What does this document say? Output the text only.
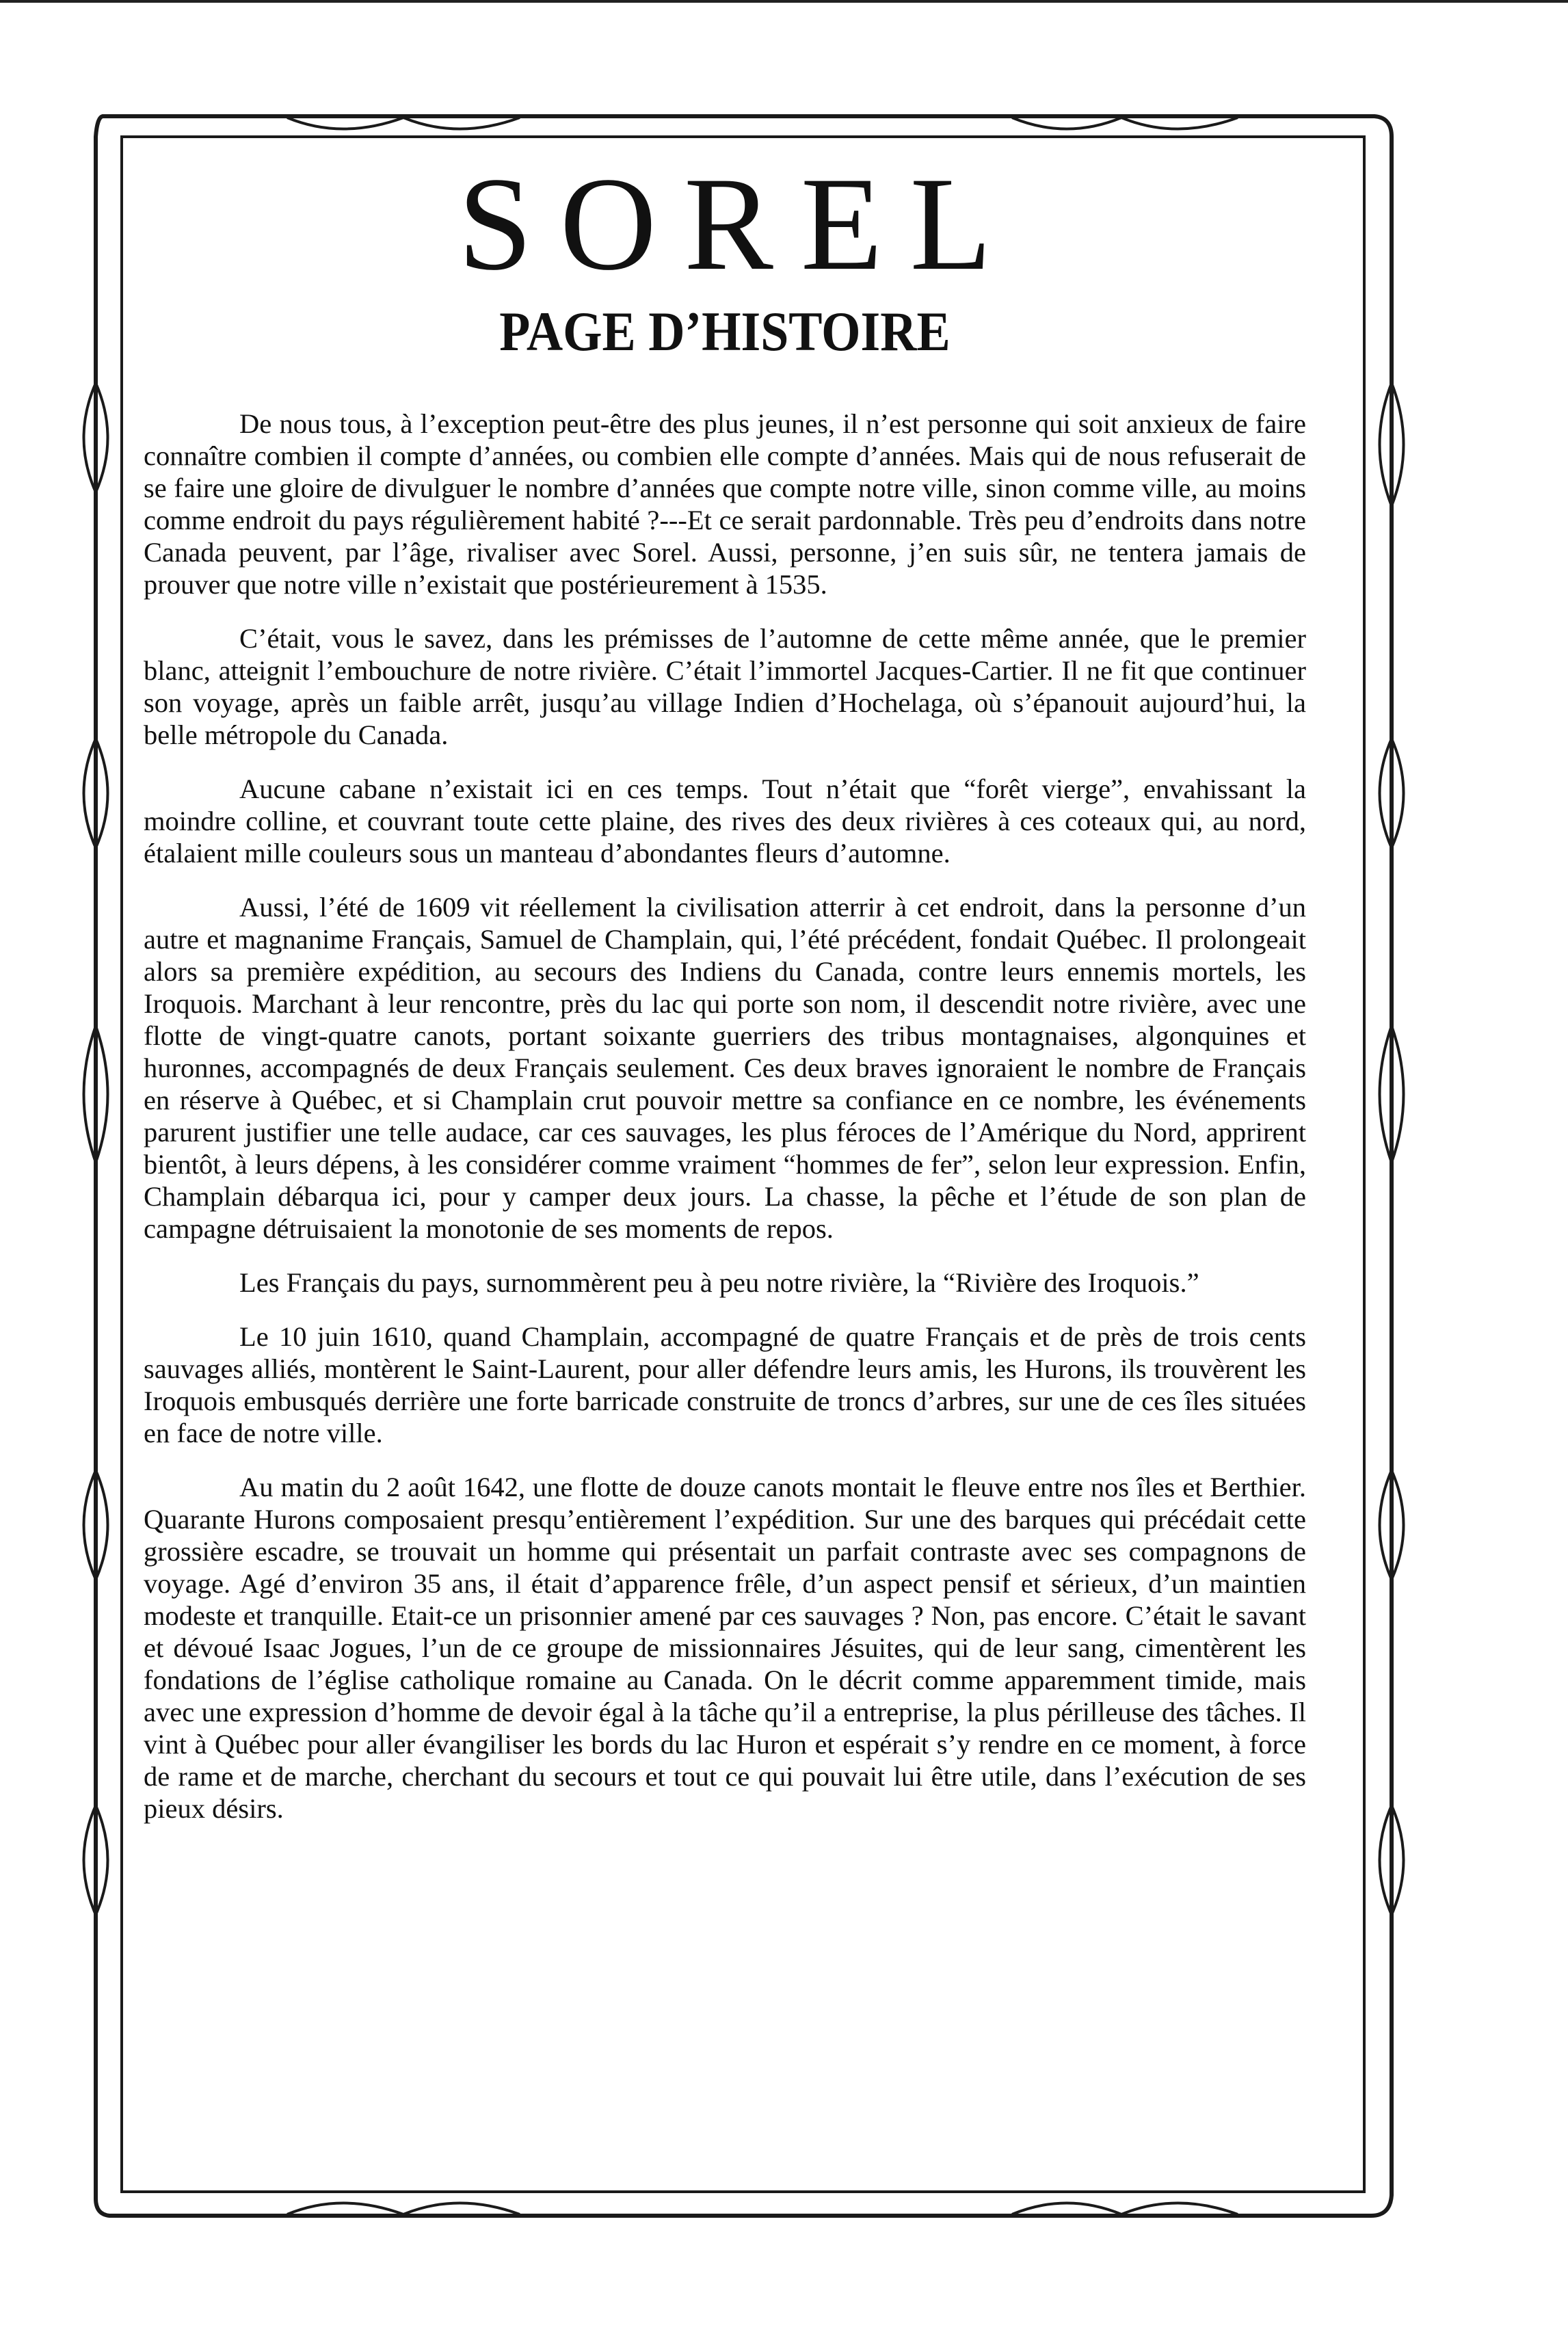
SOREL
PAGE D’HISTOIRE

De nous tous, à l’exception peut-être des plus jeunes, il n’est personne qui soit anxieux de faire connaître combien il compte d’années, ou combien elle compte d’années. Mais qui de nous refuserait de se faire une gloire de divulguer le nombre d’années que compte notre ville, sinon comme ville, au moins comme endroit du pays régulièrement habité ?---Et ce serait pardonnable. Très peu d’endroits dans notre Canada peuvent, par l’âge, rivaliser avec Sorel. Aussi, personne, j’en suis sûr, ne tentera jamais de prouver que notre ville n’existait que postérieurement à 1535.

C’était, vous le savez, dans les prémisses de l’automne de cette même année, que le premier blanc, atteignit l’embouchure de notre rivière. C’était l’immortel Jacques-Cartier. Il ne fit que continuer son voyage, après un faible arrêt, jusqu’au village Indien d’Hochelaga, où s’épanouit aujourd’hui, la belle métropole du Canada.

Aucune cabane n’existait ici en ces temps. Tout n’était que “forêt vierge”, envahissant la moindre colline, et couvrant toute cette plaine, des rives des deux rivières à ces coteaux qui, au nord, étalaient mille couleurs sous un manteau d’abondantes fleurs d’automne.

Aussi, l’été de 1609 vit réellement la civilisation atterrir à cet endroit, dans la personne d’un autre et magnanime Français, Samuel de Champlain, qui, l’été précédent, fondait Québec. Il prolongeait alors sa première expédition, au secours des Indiens du Canada, contre leurs ennemis mortels, les Iroquois. Marchant à leur rencontre, près du lac qui porte son nom, il descendit notre rivière, avec une flotte de vingt-quatre canots, portant soixante guerriers des tribus montagnaises, algonquines et huronnes, accompagnés de deux Français seulement. Ces deux braves ignoraient le nombre de Français en réserve à Québec, et si Champlain crut pouvoir mettre sa confiance en ce nombre, les événements parurent justifier une telle audace, car ces sauvages, les plus féroces de l’Amérique du Nord, apprirent bientôt, à leurs dépens, à les considérer comme vraiment “hommes de fer”, selon leur expression. Enfin, Champlain débarqua ici, pour y camper deux jours. La chasse, la pêche et l’étude de son plan de campagne détruisaient la monotonie de ses moments de repos.

Les Français du pays, surnommèrent peu à peu notre rivière, la “Rivière des Iroquois.”

Le 10 juin 1610, quand Champlain, accompagné de quatre Français et de près de trois cents sauvages alliés, montèrent le Saint-Laurent, pour aller défendre leurs amis, les Hurons, ils trouvèrent les Iroquois embusqués derrière une forte barricade construite de troncs d’arbres, sur une de ces îles situées en face de notre ville.

Au matin du 2 août 1642, une flotte de douze canots montait le fleuve entre nos îles et Berthier. Quarante Hurons composaient presqu’entièrement l’expédition. Sur une des barques qui précédait cette grossière escadre, se trouvait un homme qui présentait un parfait contraste avec ses compagnons de voyage. Agé d’environ 35 ans, il était d’apparence frêle, d’un aspect pensif et sérieux, d’un maintien modeste et tranquille. Etait-ce un prisonnier amené par ces sauvages ? Non, pas encore. C’était le savant et dévoué Isaac Jogues, l’un de ce groupe de missionnaires Jésuites, qui de leur sang, cimentèrent les fondations de l’église catholique romaine au Canada. On le décrit comme apparemment timide, mais avec une expression d’homme de devoir égal à la tâche qu’il a entreprise, la plus périlleuse des tâches. Il vint à Québec pour aller évangiliser les bords du lac Huron et espérait s’y rendre en ce moment, à force de rame et de marche, cherchant du secours et tout ce qui pouvait lui être utile, dans l’exécution de ses pieux désirs.
